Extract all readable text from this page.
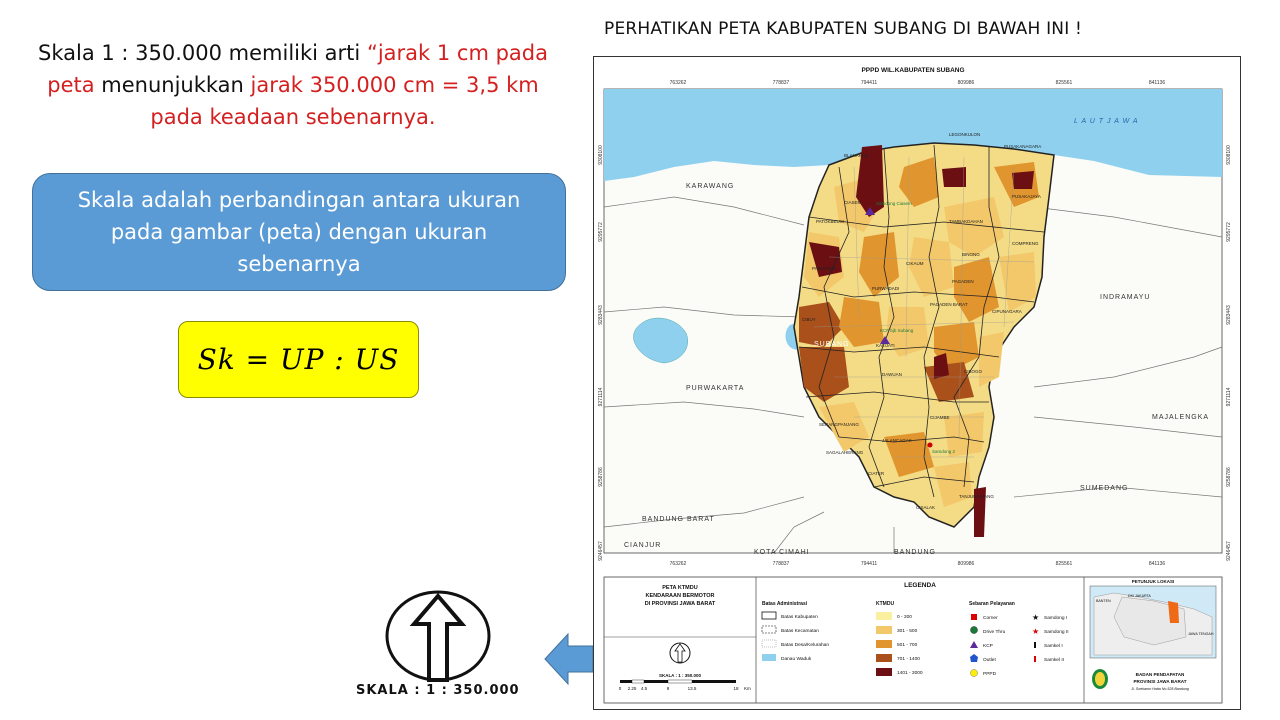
Skala 1 : 350.000 memiliki arti “jarak 1 cm pada peta menunjukkan jarak 350.000 cm = 3,5 km pada keadaan sebenarnya.
Skala adalah perbandingan antara ukuran pada gambar (peta) dengan ukuran sebenarnya
Sk = UP : US
SKALA : 1 : 350.000
PERHATIKAN PETA KABUPATEN SUBANG DI BAWAH INI !
L A U T J A W A
KARAWANG
INDRAMAYU
PURWAKARTA
MAJALENGKA
SUMEDANG
BANDUNG BARAT
CIANJUR
KOTA CIMAHI	BANDUNG
SUBANG
LEGONKULON
PUSAKANAGARA
PUSAKAJAYA
BLANAKAN
CIASEM
PATOKBEUSI	TAMBAKDAHAN
COMPRENG
BINONG
CIKAUM
PABUARAN
PURWADADI
PAGADEN
PAGADEN BARAT
CIPUNAGARA
CIBOGO
DAWUAN
KALIJATI
CIJAMBE
SERANGPANJANG
JALANCAGAK
SAGALAHERANG
CIATER
CISALAK
TANJUNGSIANG
CIBUY
Samdong Ciasem
KCP bjb Subang
Samdong 2
PPPD WIL.KABUPATEN SUBANG
763262	778837	794411	809986	825561	841136
763262	778837	794411	809986	825561	841136
9308100
9295772
9283443
9271114
9258786
9246457
9308100
9295772
9283443
9271114
9258786
9246457
PETA KTMDU
KENDARAAN BERMOTOR
DI PROVINSI JAWA BARAT
SKALA : 1 : 350.000
0 2.25 4.5	9	13.5	18 Km
LEGENDA
Batas Administrasi
Batas Kabupaten
Batas Kecamatan
Batas Desa/Kelurahan
Danau Waduk
KTMDU
0 - 300
301 - 500
501 - 700
701 - 1400
1401 - 3000
Sebaran Pelayanan
★
★
Corner
Drive Thru
KCP
Outlet
PPPD
Samdong I
Samdong II
Samkel I
Samkel II
PETUNJUK LOKASI
BANTEN
DKI JAKARTA
JAWA TENGAH
BADAN PENDAPATAN
PROVINSI JAWA BARAT
Jl. Soekarno Hatta No.528 Bandung
